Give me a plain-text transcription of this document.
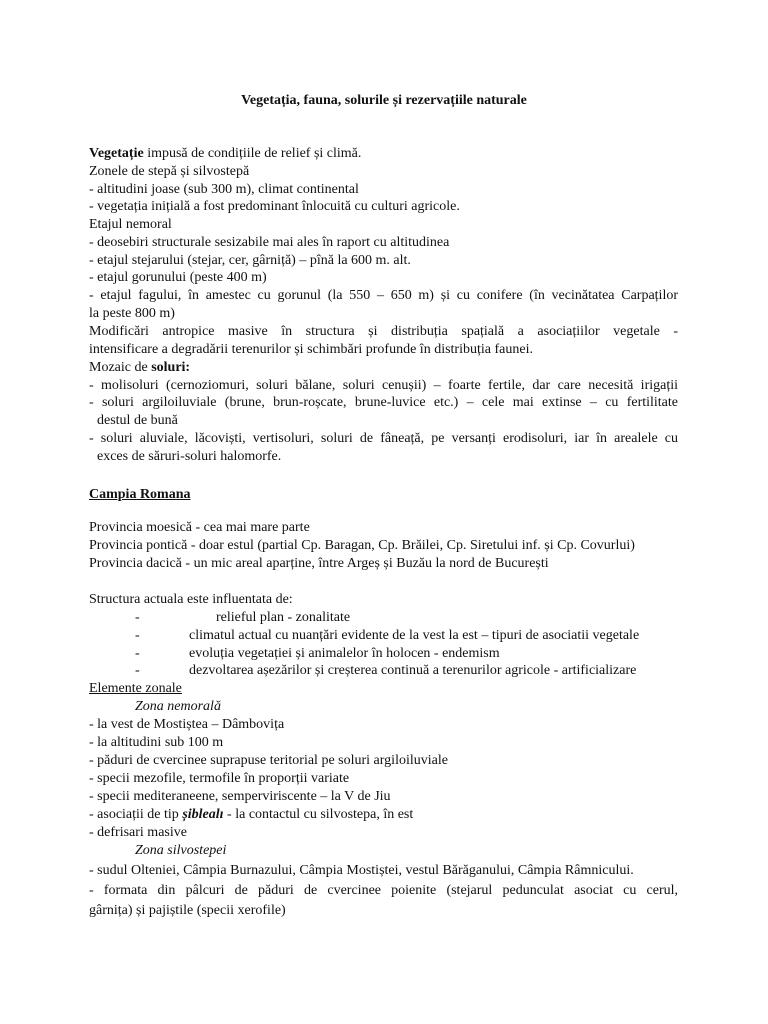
Vegetația, fauna, solurile și rezervațiile naturale
Vegetație impusă de condițiile de relief și climă.
Zonele de stepă și silvostepă
- altitudini joase (sub 300 m), climat continental
- vegetația inițială a fost predominant înlocuită cu culturi agricole.
Etajul nemoral
- deosebiri structurale sesizabile mai ales în raport cu altitudinea
- etajul stejarului (stejar, cer, gârniță) – pînă la 600 m. alt.
- etajul gorunului (peste 400 m)
- etajul fagului, în amestec cu gorunul (la 550 – 650 m) și cu conifere (în vecinătatea Carpaților
la peste 800 m)
Modificări antropice masive în structura și distribuția spațială a asociațiilor vegetale -
intensificare a degradării terenurilor și schimbări profunde în distribuția faunei.
Mozaic de soluri:
- molisoluri (cernoziomuri, soluri bălane, soluri cenușii) – foarte fertile, dar care necesită irigații
- soluri argiloiluviale (brune, brun-roșcate, brune-luvice etc.) – cele mai extinse – cu fertilitate
destul de bună
- soluri aluviale, lăcoviști, vertisoluri, soluri de fâneață, pe versanți erodisoluri, iar în arealele cu
exces de săruri-soluri halomorfe.
Campia Romana
Provincia moesică - cea mai mare parte
Provincia pontică - doar estul (partial Cp. Baragan, Cp. Brăilei, Cp. Siretului inf. și Cp. Covurlui)
Provincia dacică - un mic areal aparține, între Argeș și Buzău la nord de București
Structura actuala este influentata de:
-	relieful plan - zonalitate
-	climatul actual cu nuanțări evidente de la vest la est – tipuri de asociatii vegetale
-	evoluția vegetației și animalelor în holocen - endemism
-	dezvoltarea așezărilor și creșterea continuă a terenurilor agricole - artificializare
Elemente zonale
Zona nemorală
- la vest de Mostiștea – Dâmbovița
- la altitudini sub 100 m
- păduri de cvercinee suprapuse teritorial pe soluri argiloiluviale
- specii mezofile, termofile în proporții variate
- specii mediteraneene, semperviriscente – la V de Jiu
- asociații de tip șiblealı - la contactul cu silvostepa, în est
- defrisari masive
Zona silvostepei
- sudul Olteniei, Câmpia Burnazului, Câmpia Mostiștei, vestul Bărăganului, Câmpia Râmnicului.
- formata din pâlcuri de păduri de cvercinee poienite (stejarul pedunculat asociat cu cerul,
gârnița) și pajiștile (specii xerofile)
